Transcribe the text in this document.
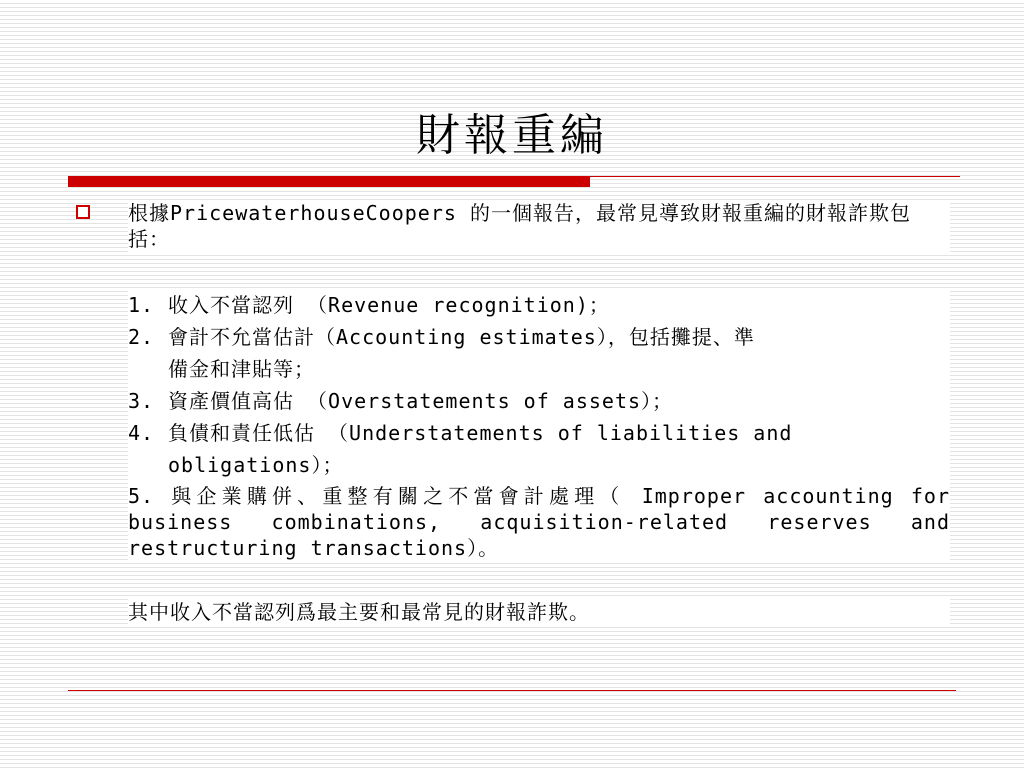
財報重編

根據PricewaterhouseCoopers 的一個報告，最常見導致財報重編的財報詐欺包括：

1. 收入不當認列 （Revenue recognition)；
2. 會計不允當估計（Accounting estimates），包括攤提、準
備金和津貼等；
3. 資產價值高估 （Overstatements of assets）；
4. 負債和責任低估 （Understatements of liabilities and
obligations）；
5. 與企業購併、重整有關之不當會計處理（ Improper accounting for business combinations, acquisition-related reserves and restructuring transactions）。

其中收入不當認列爲最主要和最常見的財報詐欺。
